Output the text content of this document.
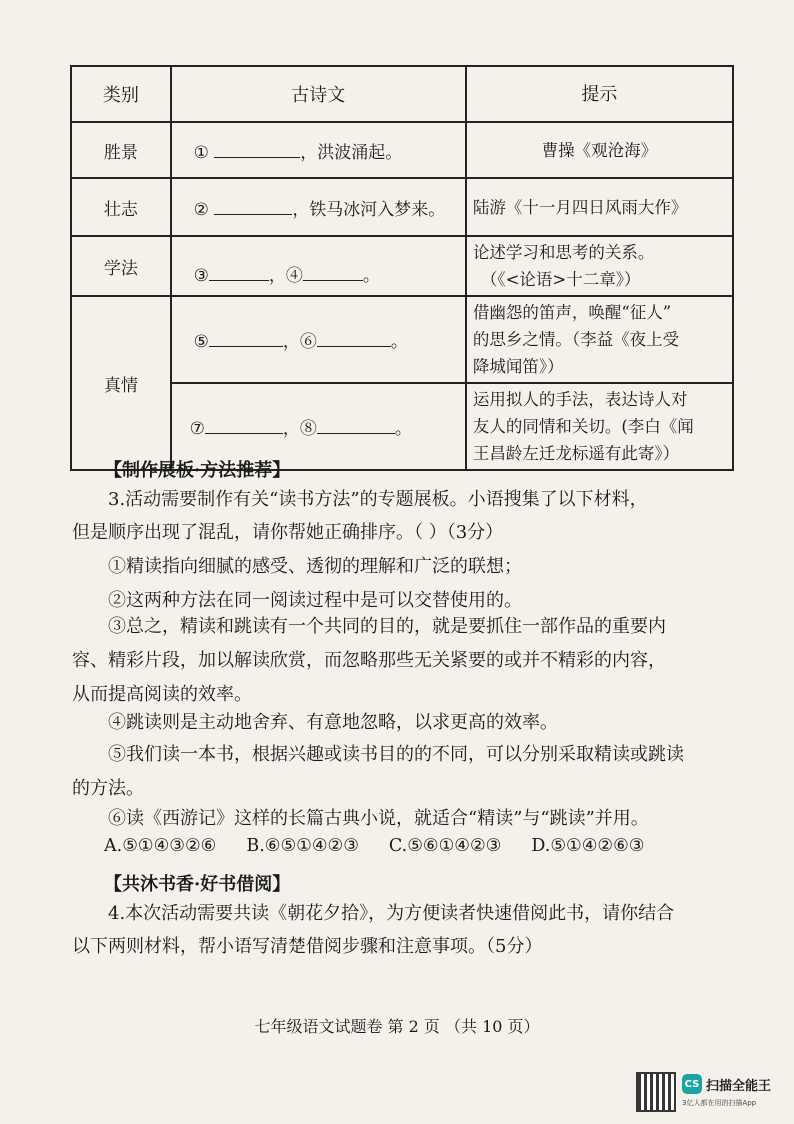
类别	古诗文	提示
胜景	① ，洪波涌起。	曹操《观沧海》
壮志	② ，铁马冰河入梦来。	陆游《十一月四日风雨大作》
学法	③ ，④ 。	论述学习和思考的关系。
（《<论语>十二章》）

真情	⑤ ，⑥ 。	借幽怨的笛声，唤醒“征人”
的思乡之情。（李益《夜上受
降城闻笛》）

	⑦ ，⑧ 。	运用拟人的手法，表达诗人对
友人的同情和关切。(李白《闻
王昌龄左迁龙标遥有此寄》）
【制作展板·方法推荐】
3.活动需要制作有关“读书方法”的专题展板。小语搜集了以下材料，
但是顺序出现了混乱，请你帮她正确排序。（ ）（3分）
①精读指向细腻的感受、透彻的理解和广泛的联想；
②这两种方法在同一阅读过程中是可以交替使用的。
③总之，精读和跳读有一个共同的目的，就是要抓住一部作品的重要内
容、精彩片段，加以解读欣赏，而忽略那些无关紧要的或并不精彩的内容，
从而提高阅读的效率。
④跳读则是主动地舍弃、有意地忽略，以求更高的效率。
⑤我们读一本书，根据兴趣或读书目的的不同，可以分别采取精读或跳读
的方法。
⑥读《西游记》这样的长篇古典小说，就适合“精读”与“跳读”并用。
A.⑤①④③②⑥ B.⑥⑤①④②③ C.⑤⑥①④②③ D.⑤①④②⑥③
【共沐书香·好书借阅】
4.本次活动需要共读《朝花夕拾》，为方便读者快速借阅此书，请你结合
以下两则材料，帮小语写清楚借阅步骤和注意事项。（5分）
七年级语文试题卷 第 2 页 （共 10 页）
CS 扫描全能王
3亿人都在用的扫描App
